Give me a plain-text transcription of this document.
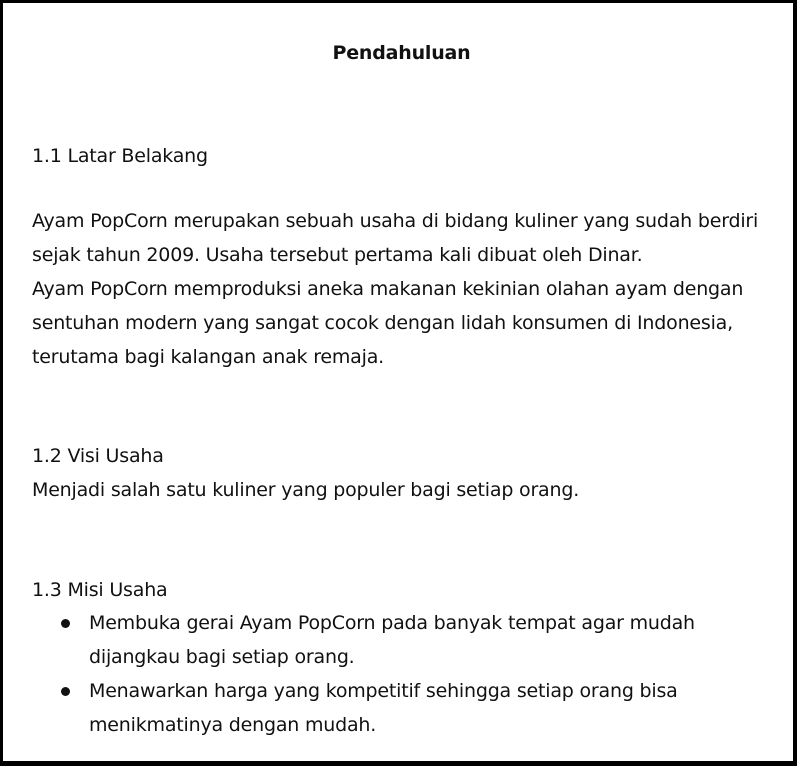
Pendahuluan
1.1 Latar Belakang

Ayam PopCorn merupakan sebuah usaha di bidang kuliner yang sudah berdiri sejak tahun 2009. Usaha tersebut pertama kali dibuat oleh Dinar.

Ayam PopCorn memproduksi aneka makanan kekinian olahan ayam dengan sentuhan modern yang sangat cocok dengan lidah konsumen di Indonesia, terutama bagi kalangan anak remaja.

1.2 Visi Usaha
Menjadi salah satu kuliner yang populer bagi setiap orang.
1.3 Misi Usaha
Membuka gerai Ayam PopCorn pada banyak tempat agar mudah dijangkau bagi setiap orang.
Menawarkan harga yang kompetitif sehingga setiap orang bisa menikmatinya dengan mudah.
